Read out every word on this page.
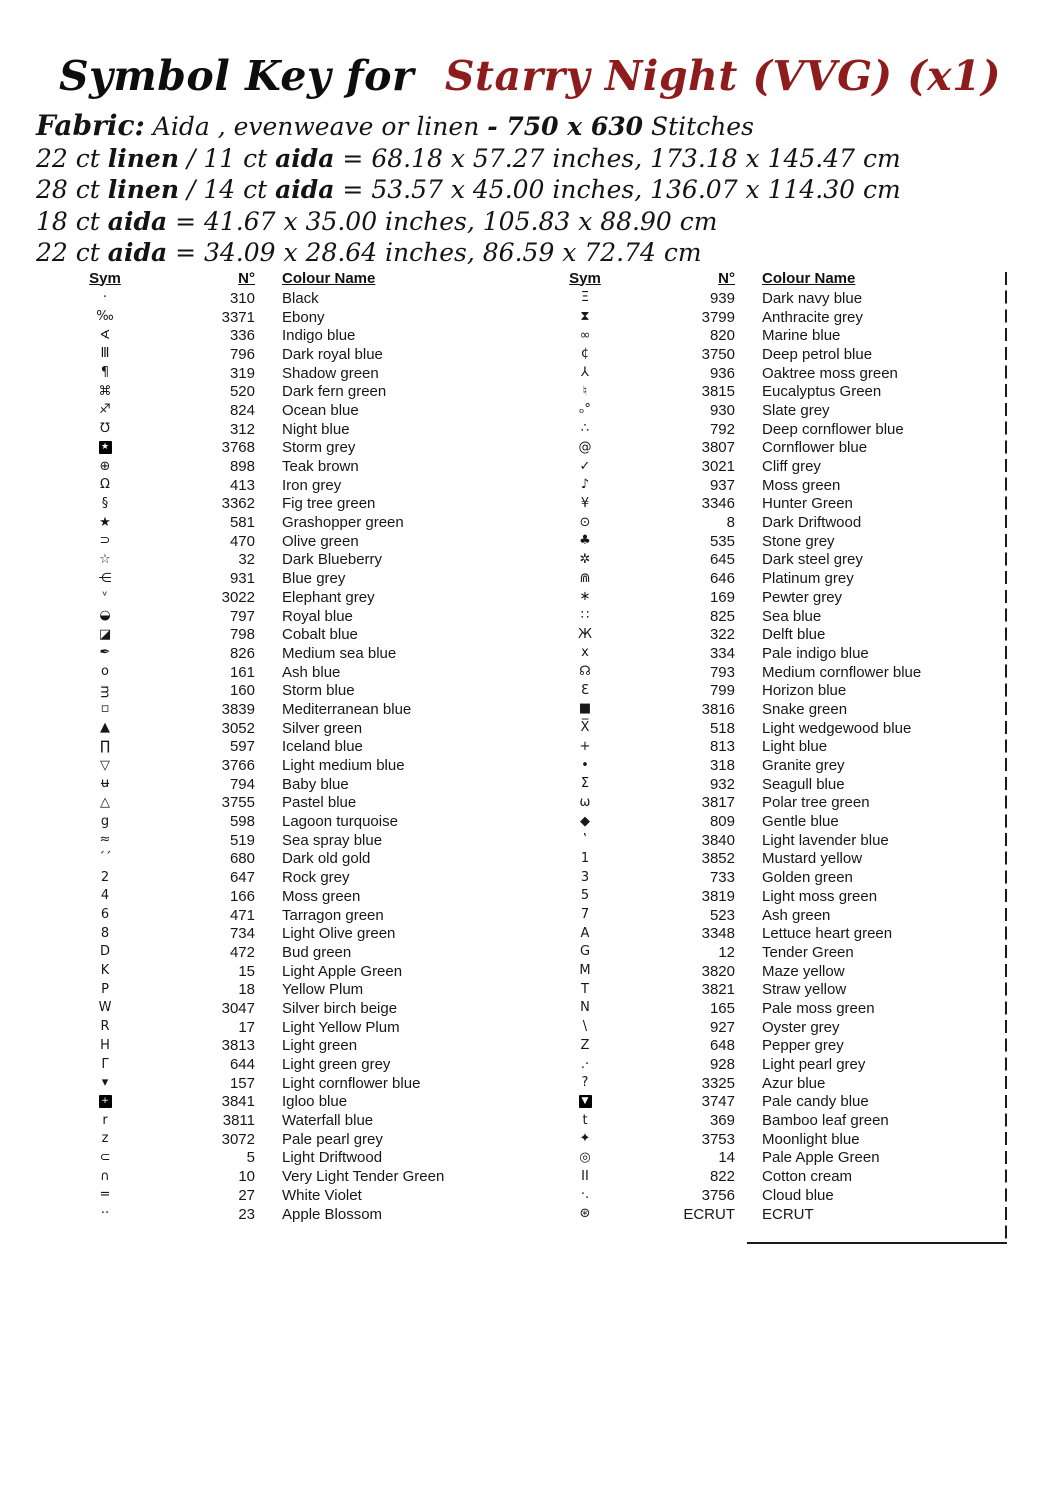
Symbol Key for Starry Night (VVG) (x1)
Fabric: Aida , evenweave or linen - 750 x 630 Stitches
22 ct linen / 11 ct aida = 68.18 x 57.27 inches, 173.18 x 145.47 cm
28 ct linen / 14 ct aida = 53.57 x 45.00 inches, 136.07 x 114.30 cm
18 ct aida = 41.67 x 35.00 inches, 105.83 x 88.90 cm
22 ct aida = 34.09 x 28.64 inches, 86.59 x 72.74 cm
Sym	N°	Colour Name
·	310	Black
‰	3371	Ebony
∢	336	Indigo blue
Ⅲ	796	Dark royal blue
¶	319	Shadow green
⌘	520	Dark fern green
♐	824	Ocean blue
℧	312	Night blue
★	3768	Storm grey
⊕	898	Teak brown
Ω	413	Iron grey
§	3362	Fig tree green
★	581	Grashopper green
⊃	470	Olive green
☆	32	Dark Blueberry
⋲	931	Blue grey
ᵛ	3022	Elephant grey
◒	797	Royal blue
◪	798	Cobalt blue
✒	826	Medium sea blue
o	161	Ash blue
ᴟ	160	Storm blue
▫	3839	Mediterranean blue
▲	3052	Silver green
∏	597	Iceland blue
▽	3766	Light medium blue
ʉ	794	Baby blue
△	3755	Pastel blue
g	598	Lagoon turquoise
≈	519	Sea spray blue
´´	680	Dark old gold
2	647	Rock grey
4	166	Moss green
6	471	Tarragon green
8	734	Light Olive green
D	472	Bud green
K	15	Light Apple Green
P	18	Yellow Plum
W	3047	Silver birch beige
R	17	Light Yellow Plum
H	3813	Light green
Γ	644	Light green grey
▾	157	Light cornflower blue
+	3841	Igloo blue
r	3811	Waterfall blue
z	3072	Pale pearl grey
⊂	5	Light Driftwood
∩	10	Very Light Tender Green
=	27	White Violet
··	23	Apple Blossom
Sym	N°	Colour Name
Ξ	939	Dark navy blue
⧗	3799	Anthracite grey
∞	820	Marine blue
¢	3750	Deep petrol blue
⅄	936	Oaktree moss green
♮	3815	Eucalyptus Green
ₒ°	930	Slate grey
∴	792	Deep cornflower blue
@	3807	Cornflower blue
✓	3021	Cliff grey
♪	937	Moss green
¥	3346	Hunter Green
⊙	8	Dark Driftwood
♣	535	Stone grey
✲	645	Dark steel grey
⋒	646	Platinum grey
∗	169	Pewter grey
∷	825	Sea blue
Ж	322	Delft blue
x	334	Pale indigo blue
☊	793	Medium cornflower blue
Ɛ	799	Horizon blue
■	3816	Snake green
X̅	518	Light wedgewood blue
+	813	Light blue
•	318	Granite grey
Σ	932	Seagull blue
ω	3817	Polar tree green
◆	809	Gentle blue
‛	3840	Light lavender blue
1	3852	Mustard yellow
3	733	Golden green
5	3819	Light moss green
7	523	Ash green
A	3348	Lettuce heart green
G	12	Tender Green
M	3820	Maze yellow
T	3821	Straw yellow
N	165	Pale moss green
\	927	Oyster grey
Z	648	Pepper grey
.·	928	Light pearl grey
?	3325	Azur blue
▼	3747	Pale candy blue
t	369	Bamboo leaf green
✦	3753	Moonlight blue
◎	14	Pale Apple Green
II	822	Cotton cream
·.	3756	Cloud blue
⊛	ECRUT	ECRUT
